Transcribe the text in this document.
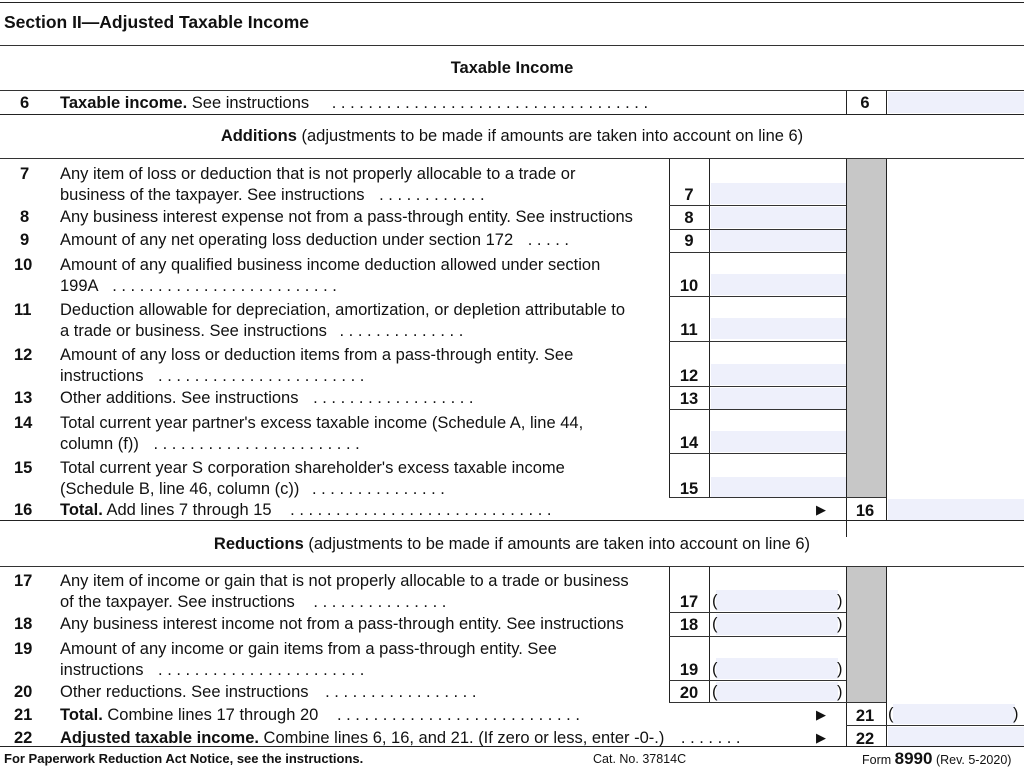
Section II—Adjusted Taxable Income
Taxable Income
6	Taxable income. See instructions . . . . . . . . . . . . . . . . . . . . . . . . . . . . . . . . . . .	6
Additions (adjustments to be made if amounts are taken into account on line 6)
7	Any item of loss or deduction that is not properly allocable to a trade or
business of the taxpayer. See instructions . . . . . . . . . . . .	7
8	Any business interest expense not from a pass-through entity. See instructions	8
9	Amount of any net operating loss deduction under section 172 . . . . .	9
10	Amount of any qualified business income deduction allowed under section
199A . . . . . . . . . . . . . . . . . . . . . . . . .	10
11	Deduction allowable for depreciation, amortization, or depletion attributable to
a trade or business. See instructions . . . . . . . . . . . . . .	11
12	Amount of any loss or deduction items from a pass-through entity. See
instructions . . . . . . . . . . . . . . . . . . . . . . .	12
13	Other additions. See instructions . . . . . . . . . . . . . . . . . .	13
14	Total current year partner's excess taxable income (Schedule A, line 44,
column (f)) . . . . . . . . . . . . . . . . . . . . . . .	14
15	Total current year S corporation shareholder's excess taxable income
(Schedule B, line 46, column (c)) . . . . . . . . . . . . . . .	15
16	Total. Add lines 7 through 15 . . . . . . . . . . . . . . . . . . . . . . . . . . . . .	▶	16
Reductions (adjustments to be made if amounts are taken into account on line 6)
17	Any item of income or gain that is not properly allocable to a trade or business
of the taxpayer. See instructions . . . . . . . . . . . . . . .	17 (	)
18	Any business interest income not from a pass-through entity. See instructions	18 (	)
19	Amount of any income or gain items from a pass-through entity. See
instructions . . . . . . . . . . . . . . . . . . . . . . .	19 (	)
20	Other reductions. See instructions . . . . . . . . . . . . . . . . .	20 (	)
21	Total. Combine lines 17 through 20 . . . . . . . . . . . . . . . . . . . . . . . . . . .	▶	21 (	)
22	Adjusted taxable income. Combine lines 6, 16, and 21. (If zero or less, enter -0-.) . . . . . . .	▶	22
For Paperwork Reduction Act Notice, see the instructions.	Cat. No. 37814C	Form 8990 (Rev. 5-2020)
